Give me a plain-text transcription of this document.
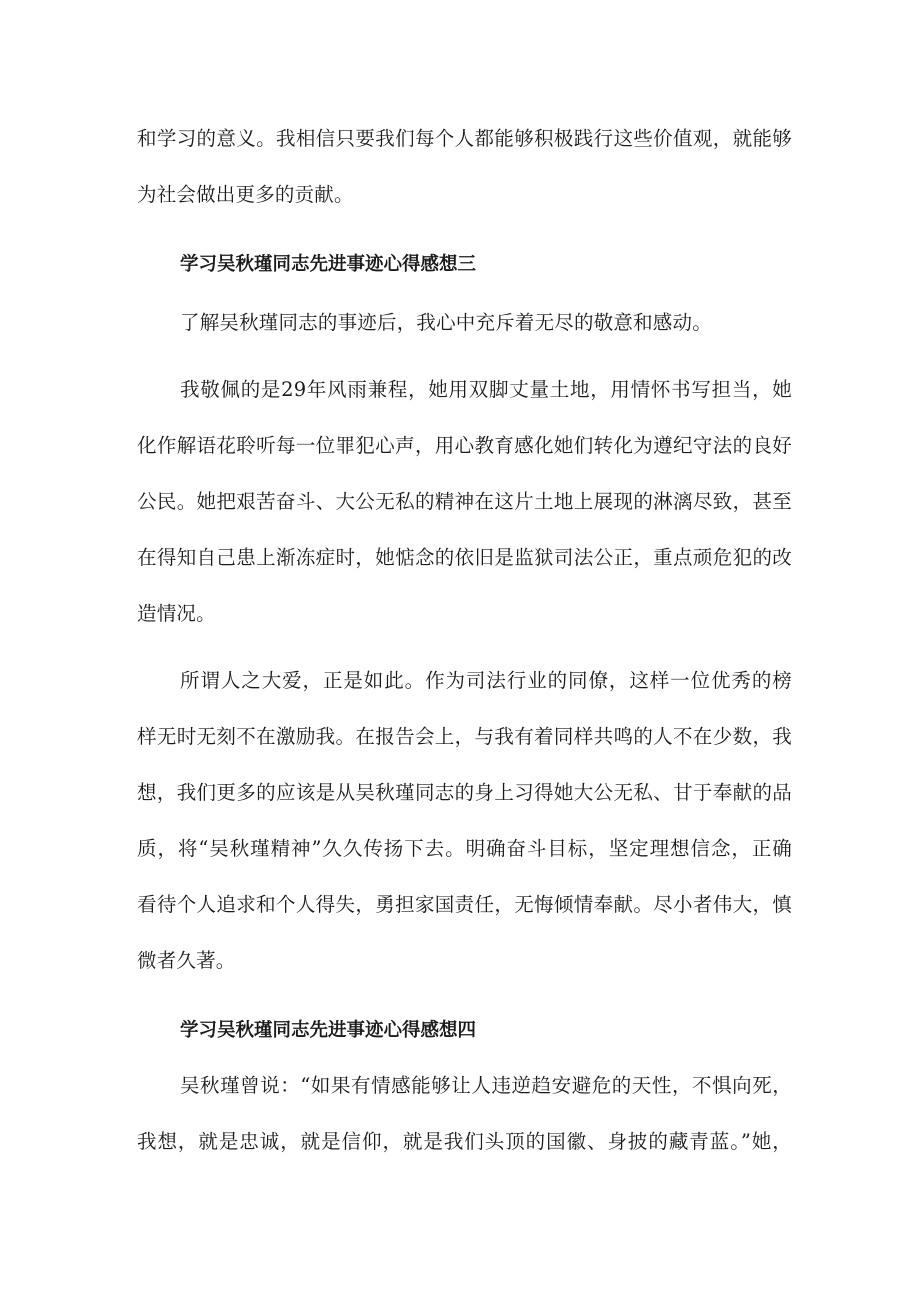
和学习的意义。我相信只要我们每个人都能够积极践行这些价值观，就能够
为社会做出更多的贡献。
学习吴秋瑾同志先进事迹心得感想三
了解吴秋瑾同志的事迹后，我心中充斥着无尽的敬意和感动。
我敬佩的是29年风雨兼程，她用双脚丈量土地，用情怀书写担当，她
化作解语花聆听每一位罪犯心声，用心教育感化她们转化为遵纪守法的良好
公民。她把艰苦奋斗、大公无私的精神在这片土地上展现的淋漓尽致，甚至
在得知自己患上渐冻症时，她惦念的依旧是监狱司法公正，重点顽危犯的改
造情况。
所谓人之大爱，正是如此。作为司法行业的同僚，这样一位优秀的榜
样无时无刻不在激励我。在报告会上，与我有着同样共鸣的人不在少数，我
想，我们更多的应该是从吴秋瑾同志的身上习得她大公无私、甘于奉献的品
质，将“吴秋瑾精神”久久传扬下去。明确奋斗目标，坚定理想信念，正确
看待个人追求和个人得失，勇担家国责任，无悔倾情奉献。尽小者伟大，慎
微者久著。
学习吴秋瑾同志先进事迹心得感想四
吴秋瑾曾说：“如果有情感能够让人违逆趋安避危的天性，不惧向死，
我想，就是忠诚，就是信仰，就是我们头顶的国徽、身披的藏青蓝。”她，
